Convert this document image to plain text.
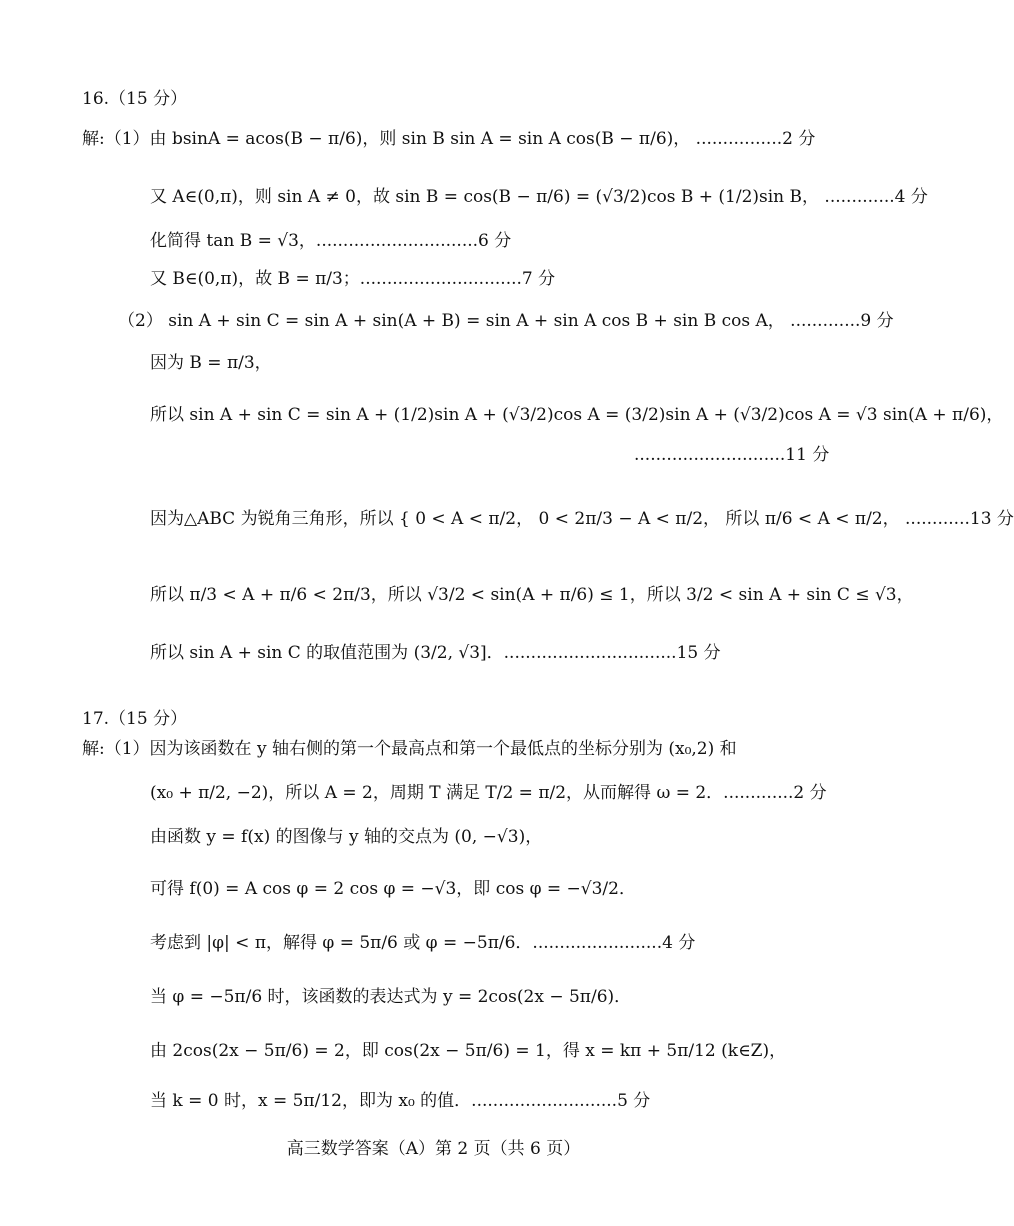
16.（15 分）
解:（1）由 bsinA = acos(B − π/6)，则 sin B sin A = sin A cos(B − π/6)， ................2 分
又 A∈(0,π)，则 sin A ≠ 0，故 sin B = cos(B − π/6) = (√3/2)cos B + (1/2)sin B， .............4 分
化简得 tan B = √3，..............................6 分
又 B∈(0,π)，故 B = π/3；..............................7 分
（2） sin A + sin C = sin A + sin(A + B) = sin A + sin A cos B + sin B cos A， .............9 分
因为 B = π/3，
所以 sin A + sin C = sin A + (1/2)sin A + (√3/2)cos A = (3/2)sin A + (√3/2)cos A = √3 sin(A + π/6)，
............................11 分
因为△ABC 为锐角三角形，所以 { 0 < A < π/2， 0 < 2π/3 − A < π/2， 所以 π/6 < A < π/2， ............13 分
所以 π/3 < A + π/6 < 2π/3，所以 √3/2 < sin(A + π/6) ≤ 1，所以 3/2 < sin A + sin C ≤ √3，
所以 sin A + sin C 的取值范围为 (3/2, √3]．................................15 分
17.（15 分）
解:（1）因为该函数在 y 轴右侧的第一个最高点和第一个最低点的坐标分别为 (x₀,2) 和
(x₀ + π/2, −2)，所以 A = 2，周期 T 满足 T/2 = π/2，从而解得 ω = 2．.............2 分
由函数 y = f(x) 的图像与 y 轴的交点为 (0, −√3)，
可得 f(0) = A cos φ = 2 cos φ = −√3，即 cos φ = −√3/2．
考虑到 |φ| < π，解得 φ = 5π/6 或 φ = −5π/6．........................4 分
当 φ = −5π/6 时，该函数的表达式为 y = 2cos(2x − 5π/6)．
由 2cos(2x − 5π/6) = 2，即 cos(2x − 5π/6) = 1，得 x = kπ + 5π/12 (k∈Z)，
当 k = 0 时，x = 5π/12，即为 x₀ 的值．...........................5 分
高三数学答案（A）第 2 页（共 6 页）
